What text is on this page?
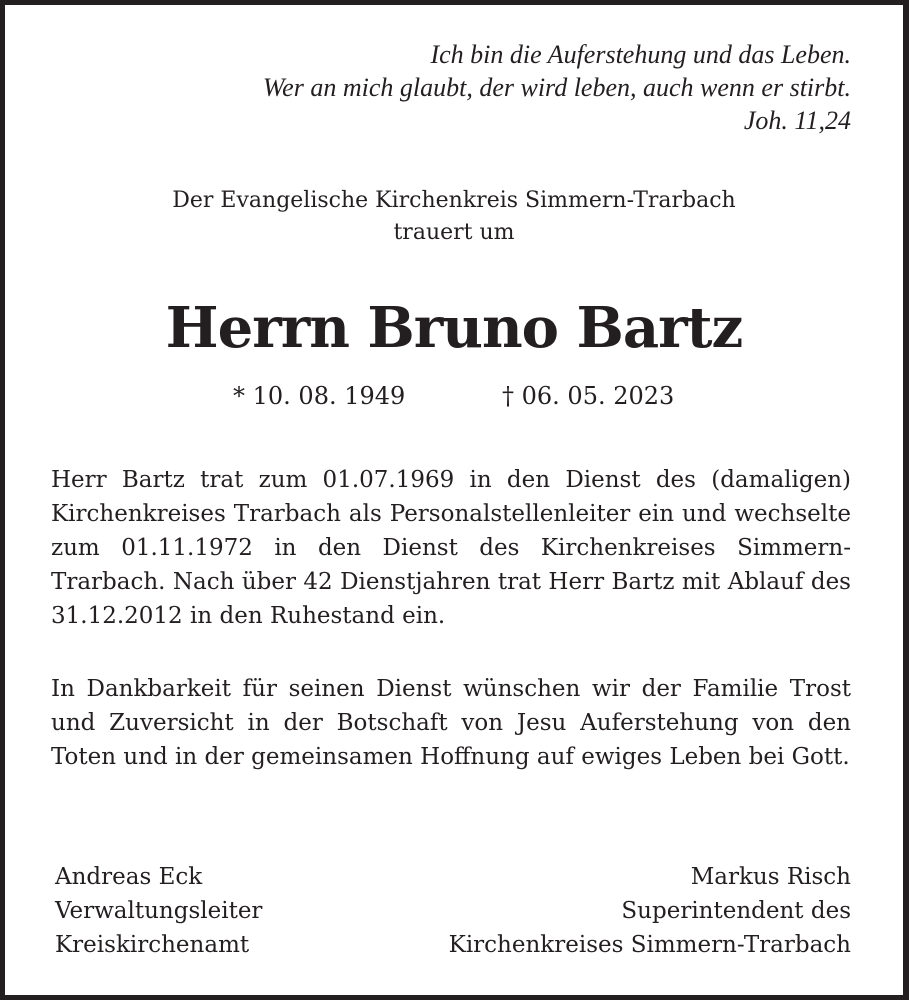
Ich bin die Auferstehung und das Leben.
Wer an mich glaubt, der wird leben, auch wenn er stirbt.
Joh. 11,24
Der Evangelische Kirchenkreis Simmern-Trarbach
trauert um
Herrn Bruno Bartz
* 10. 08. 1949	† 06. 05. 2023
Herr Bartz trat zum 01.07.1969 in den Dienst des (damaligen) Kirchenkreises Trarbach als Personalstellenleiter ein und wechselte zum 01.11.1972 in den Dienst des Kirchenkreises Simmern-Trarbach. Nach über 42 Dienstjahren trat Herr Bartz mit Ablauf des 31.12.2012 in den Ruhestand ein.
In Dankbarkeit für seinen Dienst wünschen wir der Familie Trost und Zuversicht in der Botschaft von Jesu Auferstehung von den Toten und in der gemeinsamen Hoffnung auf ewiges Leben bei Gott.
Andreas Eck
Verwaltungsleiter
Kreiskirchenamt
Markus Risch
Superintendent des
Kirchenkreises Simmern-Trarbach
